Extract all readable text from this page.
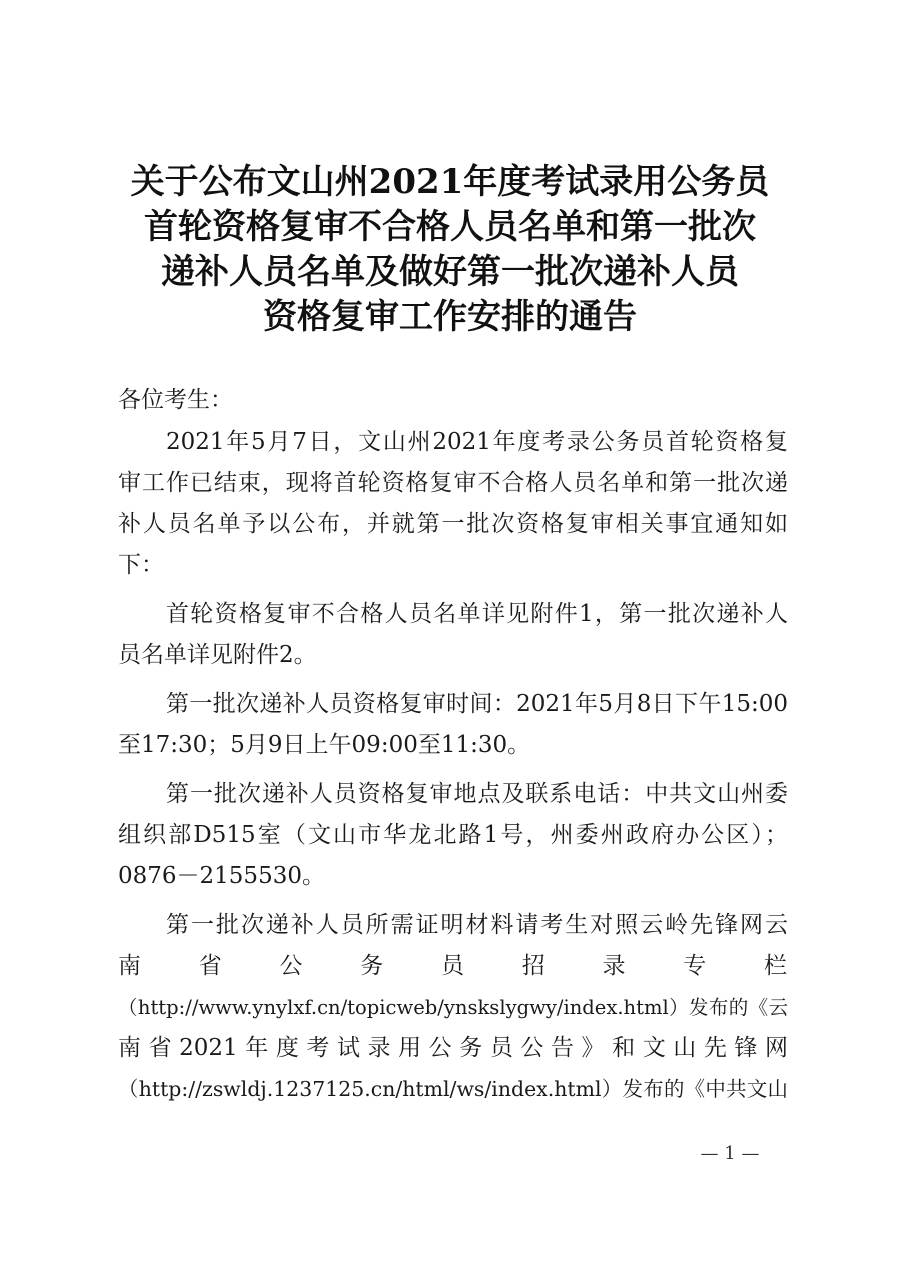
关于公布文山州2021年度考试录用公务员
首轮资格复审不合格人员名单和第一批次
递补人员名单及做好第一批次递补人员
资格复审工作安排的通告
各位考生：
2021年5月7日，文山州2021年度考录公务员首轮资格复
审工作已结束，现将首轮资格复审不合格人员名单和第一批次递
补人员名单予以公布，并就第一批次资格复审相关事宜通知如
下：
首轮资格复审不合格人员名单详见附件1，第一批次递补人
员名单详见附件2。
第一批次递补人员资格复审时间：2021年5月8日下午15:00
至17:30；5月9日上午09:00至11:30。
第一批次递补人员资格复审地点及联系电话：中共文山州委
组织部D515室（文山市华龙北路1号，州委州政府办公区）；
0876－2155530。
第一批次递补人员所需证明材料请考生对照云岭先锋网云
南省公务员招录专栏
（http://www.ynylxf.cn/topicweb/ynskslygwy/index.html）发布的《云
南省2021年度考试录用公务员公告》和文山先锋网
（http://zswldj.1237125.cn/html/ws/index.html）发布的《中共文山
— 1 —
